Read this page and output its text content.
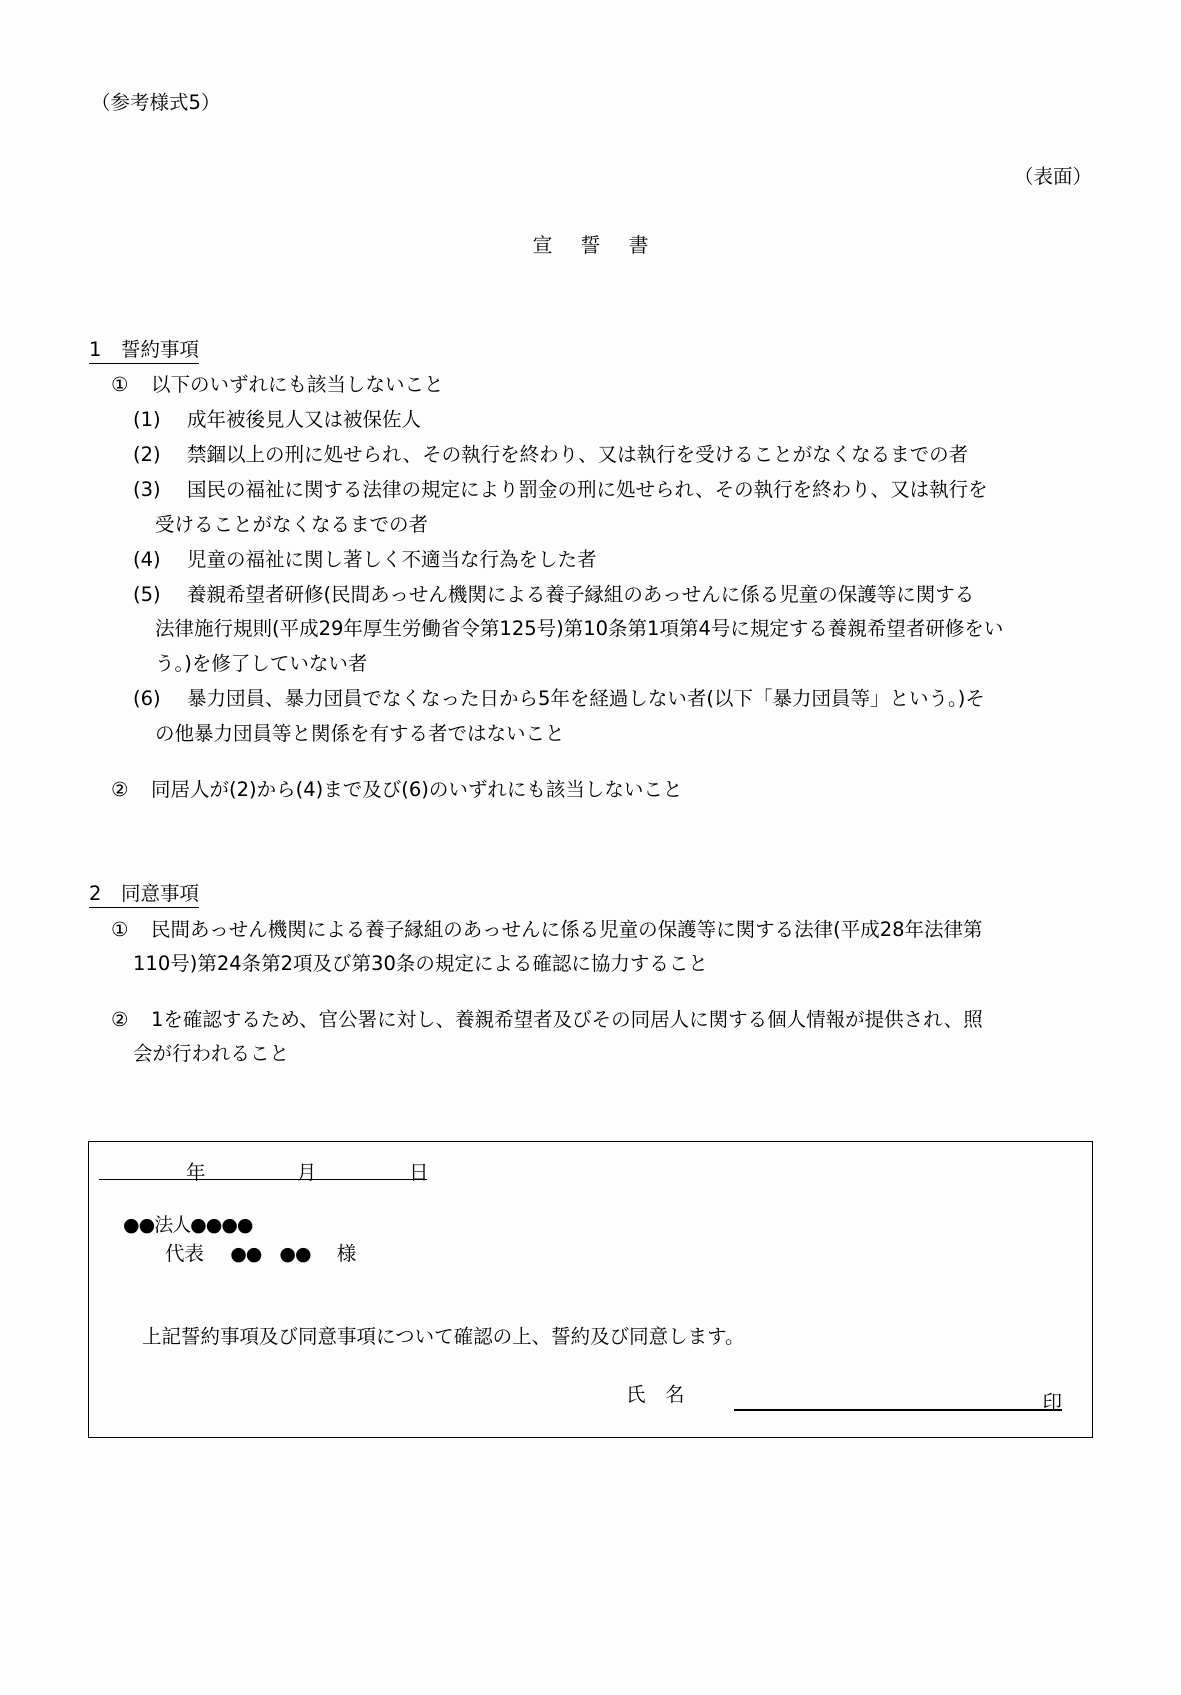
（参考様式5）
（表面）
宣 誓 書
1 誓約事項
① 以下のいずれにも該当しないこと
(1) 成年被後見人又は被保佐人
(2) 禁錮以上の刑に処せられ、その執行を終わり、又は執行を受けることがなくなるまでの者
(3) 国民の福祉に関する法律の規定により罰金の刑に処せられ、その執行を終わり、又は執行を
受けることがなくなるまでの者
(4) 児童の福祉に関し著しく不適当な行為をした者
(5) 養親希望者研修(民間あっせん機関による養子縁組のあっせんに係る児童の保護等に関する
法律施行規則(平成29年厚生労働省令第125号)第10条第1項第4号に規定する養親希望者研修をい
う。)を修了していない者
(6) 暴力団員、暴力団員でなくなった日から5年を経過しない者(以下「暴力団員等」という。)そ
の他暴力団員等と関係を有する者ではないこと
② 同居人が(2)から(4)まで及び(6)のいずれにも該当しないこと
2 同意事項
① 民間あっせん機関による養子縁組のあっせんに係る児童の保護等に関する法律(平成28年法律第
110号)第24条第2項及び第30条の規定による確認に協力すること
② 1を確認するため、官公署に対し、養親希望者及びその同居人に関する個人情報が提供され、照
会が行われること
年	月	日
●●法人●●●●
代表 ●●　●● 様
上記誓約事項及び同意事項について確認の上、誓約及び同意します。
氏　名	印
